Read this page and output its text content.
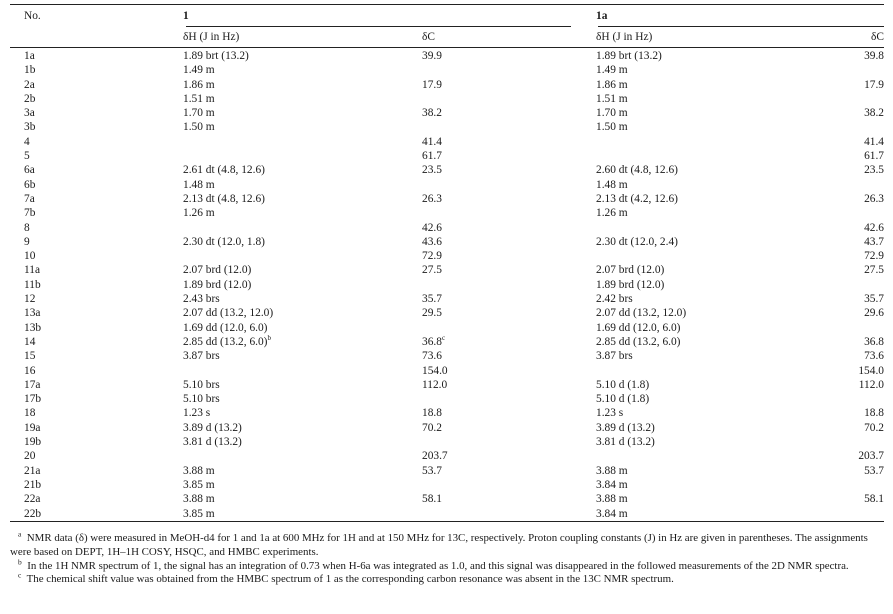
No.	1		1a	
	δH (J in Hz)	δC	δH (J in Hz)	δC
1a	1.89 brt (13.2)	39.9	1.89 brt (13.2)	39.8
1b	1.49 m		1.49 m	
2a	1.86 m	17.9	1.86 m	17.9
2b	1.51 m		1.51 m	
3a	1.70 m	38.2	1.70 m	38.2
3b	1.50 m		1.50 m	
4		41.4		41.4
5		61.7		61.7
6a	2.61 dt (4.8, 12.6)	23.5	2.60 dt (4.8, 12.6)	23.5
6b	1.48 m		1.48 m	
7a	2.13 dt (4.8, 12.6)	26.3	2.13 dt (4.2, 12.6)	26.3
7b	1.26 m		1.26 m	
8		42.6		42.6
9	2.30 dt (12.0, 1.8)	43.6	2.30 dt (12.0, 2.4)	43.7
10		72.9		72.9
11a	2.07 brd (12.0)	27.5	2.07 brd (12.0)	27.5
11b	1.89 brd (12.0)		1.89 brd (12.0)	
12	2.43 brs	35.7	2.42 brs	35.7
13a	2.07 dd (13.2, 12.0)	29.5	2.07 dd (13.2, 12.0)	29.6
13b	1.69 dd (12.0, 6.0)		1.69 dd (12.0, 6.0)	
14	2.85 dd (13.2, 6.0)$^b$	36.8$^c$	2.85 dd (13.2, 6.0)	36.8
15	3.87 brs	73.6	3.87 brs	73.6
16		154.0		154.0
17a	5.10 brs	112.0	5.10 d (1.8)	112.0
17b	5.10 brs		5.10 d (1.8)	
18	1.23 s	18.8	1.23 s	18.8
19a	3.89 d (13.2)	70.2	3.89 d (13.2)	70.2
19b	3.81 d (13.2)		3.81 d (13.2)	
20		203.7		203.7
21a	3.88 m	53.7	3.88 m	53.7
21b	3.85 m		3.84 m	
22a	3.88 m	58.1	3.88 m	58.1
22b	3.85 m		3.84 m	

$^a$ NMR data (δ) were measured in MeOH-d4 for 1 and 1a at 600 MHz for 1H and at 150 MHz for 13C, respectively. Proton coupling constants (J) in Hz are given in parentheses. The assignments were based on DEPT, 1H–1H COSY, HSQC, and HMBC experiments.

$^b$ In the 1H NMR spectrum of 1, the signal has an integration of 0.73 when H-6a was integrated as 1.0, and this signal was disappeared in the followed measurements of the 2D NMR spectra.

$^c$ The chemical shift value was obtained from the HMBC spectrum of 1 as the corresponding carbon resonance was absent in the 13C NMR spectrum.
